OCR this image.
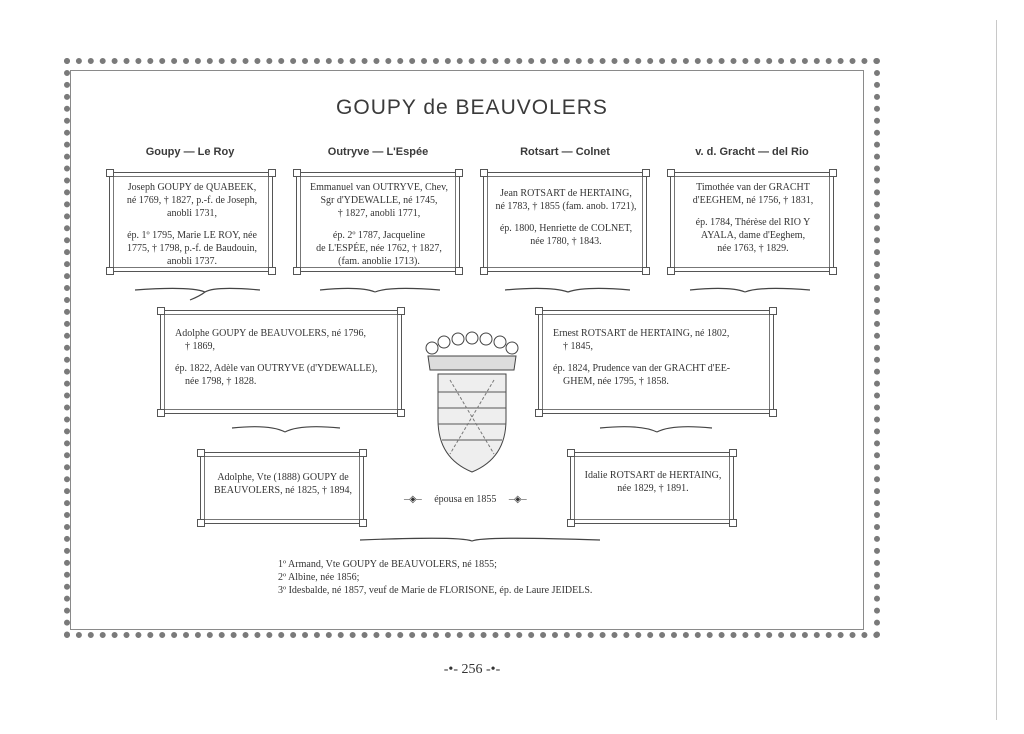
GOUPY de BEAUVOLERS
Goupy — Le Roy	Outryve — L'Espée	Rotsart — Colnet	v. d. Gracht — del Rio

Joseph GOUPY de QUABEEK,

né 1769, † 1827, p.-f. de Joseph,

anobli 1731,

ép. 1º 1795, Marie LE ROY, née

1775, † 1798, p.-f. de Baudouin,

anobli 1737.

Emmanuel van OUTRYVE, Chev,

Sgr d'YDEWALLE, né 1745,

† 1827, anobli 1771,

ép. 2º 1787, Jacqueline

de L'ESPÉE, née 1762, † 1827,

(fam. anoblie 1713).

Jean ROTSART de HERTAING,

né 1783, † 1855 (fam. anob. 1721),

ép. 1800, Henriette de COLNET,

née 1780, † 1843.

Timothée van der GRACHT

d'EEGHEM, né 1756, † 1831,

ép. 1784, Thérèse del RIO Y

AYALA, dame d'Eeghem,

née 1763, † 1829.

Adolphe GOUPY de BEAUVOLERS, né 1796,

† 1869,

ép. 1822, Adèle van OUTRYVE (d'YDEWALLE),

née 1798, † 1828.

Ernest ROTSART de HERTAING, né 1802,

† 1845,

ép. 1824, Prudence van der GRACHT d'EE-

GHEM, née 1795, † 1858.

Adolphe, Vte (1888) GOUPY de

BEAUVOLERS, né 1825, † 1894,

–◈– épousa en 1855 –◈–

Idalie ROTSART de HERTAING,

née 1829, † 1891.

1º Armand, Vte GOUPY de BEAUVOLERS, né 1855;

2º Albine, née 1856;

3º Idesbalde, né 1857, veuf de Marie de FLORISONE, ép. de Laure JEIDELS.

-•- 256 -•-
